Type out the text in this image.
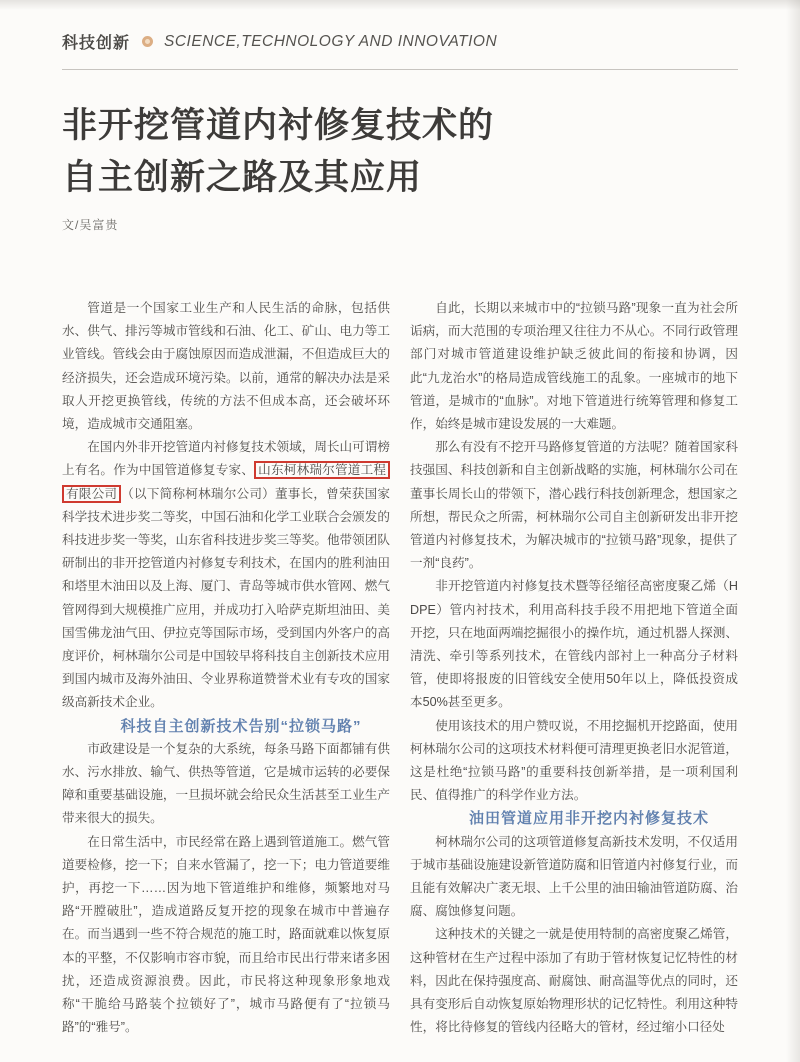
科技创新 SCIENCE,TECHNOLOGY AND INNOVATION
非开挖管道内衬修复技术的
自主创新之路及其应用
文/吴富贵

管道是一个国家工业生产和人民生活的命脉，包括供水、供气、排污等城市管线和石油、化工、矿山、电力等工业管线。管线会由于腐蚀原因而造成泄漏，不但造成巨大的经济损失，还会造成环境污染。以前，通常的解决办法是采取人开挖更换管线，传统的方法不但成本高，还会破坏环境，造成城市交通阻塞。

在国内外非开挖管道内衬修复技术领域，周长山可谓榜上有名。作为中国管道修复专家、 山东柯林瑞尔管道工程有限公司 （以下简称柯林瑞尔公司）董事长，曾荣获国家科学技术进步奖二等奖，中国石油和化学工业联合会颁发的科技进步奖一等奖，山东省科技进步奖三等奖。他带领团队研制出的非开挖管道内衬修复专利技术，在国内的胜利油田和塔里木油田以及上海、厦门、青岛等城市供水管网、燃气管网得到大规模推广应用，并成功打入哈萨克斯坦油田、美国雪佛龙油气田、伊拉克等国际市场，受到国内外客户的高度评价，柯林瑞尔公司是中国较早将科技自主创新技术应用到国内城市及海外油田、令业界称道赞誉术业有专攻的国家级高新技术企业。

科技自主创新技术告别“拉锁马路”

市政建设是一个复杂的大系统，每条马路下面都铺有供水、污水排放、输气、供热等管道，它是城市运转的必要保障和重要基础设施，一旦损坏就会给民众生活甚至工业生产带来很大的损失。

在日常生活中，市民经常在路上遇到管道施工。燃气管道要检修，挖一下；自来水管漏了，挖一下；电力管道要维护，再挖一下……因为地下管道维护和维修，频繁地对马路“开膛破肚”，造成道路反复开挖的现象在城市中普遍存在。而当遇到一些不符合规范的施工时，路面就难以恢复原本的平整，不仅影响市容市貌，而且给市民出行带来诸多困扰，还造成资源浪费。因此，市民将这种现象形象地戏称“干脆给马路装个拉锁好了”，城市马路便有了“拉锁马路”的“雅号”。

自此，长期以来城市中的“拉锁马路”现象一直为社会所诟病，而大范围的专项治理又往往力不从心。不同行政管理部门对城市管道建设维护缺乏彼此间的衔接和协调，因此“九龙治水”的格局造成管线施工的乱象。一座城市的地下管道，是城市的“血脉”。对地下管道进行统筹管理和修复工作，始终是城市建设发展的一大难题。

那么有没有不挖开马路修复管道的方法呢？随着国家科技强国、科技创新和自主创新战略的实施，柯林瑞尔公司在董事长周长山的带领下，潜心践行科技创新理念，想国家之所想，帮民众之所需，柯林瑞尔公司自主创新研发出非开挖管道内衬修复技术，为解决城市的“拉锁马路”现象，提供了一剂“良药”。

非开挖管道内衬修复技术暨等径缩径高密度聚乙烯（HDPE）管内衬技术，利用高科技手段不用把地下管道全面开挖，只在地面两端挖掘很小的操作坑，通过机器人探测、清洗、牵引等系列技术，在管线内部衬上一种高分子材料管，使即将报废的旧管线安全使用50年以上，降低投资成本50%甚至更多。

使用该技术的用户赞叹说，不用挖掘机开挖路面，使用柯林瑞尔公司的这项技术材料便可清理更换老旧水泥管道，这是杜绝“拉锁马路”的重要科技创新举措，是一项利国利民、值得推广的科学作业方法。

油田管道应用非开挖内衬修复技术

柯林瑞尔公司的这项管道修复高新技术发明，不仅适用于城市基础设施建设新管道防腐和旧管道内衬修复行业，而且能有效解决广袤无垠、上千公里的油田输油管道防腐、治腐、腐蚀修复问题。

这种技术的关键之一就是使用特制的高密度聚乙烯管，这种管材在生产过程中添加了有助于管材恢复记忆特性的材料，因此在保持强度高、耐腐蚀、耐高温等优点的同时，还具有变形后自动恢复原始物理形状的记忆特性。利用这种特性，将比待修复的管线内径略大的管材，经过缩小口径处
